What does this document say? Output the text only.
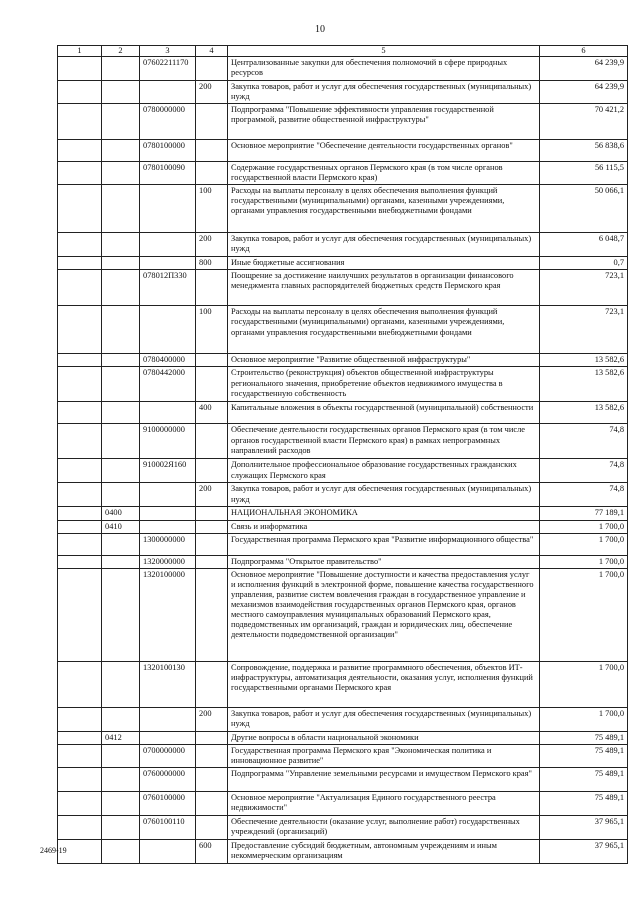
10
1	2	3	4	5	6
		07602211170		Централизованные закупки для обеспечения полномочий в сфере природных ресурсов	64 239,9
			200	Закупка товаров, работ и услуг для обеспечения государственных (муниципальных) нужд	64 239,9
		0780000000		Подпрограмма "Повышение эффективности управления государственной программой, развитие общественной инфраструктуры"	70 421,2
		0780100000		Основное мероприятие "Обеспечение деятельности государственных органов"	56 838,6
		0780100090		Содержание государственных органов Пермского края (в том числе органов государственной власти Пермского края)	56 115,5
			100	Расходы на выплаты персоналу в целях обеспечения выполнения функций государственными (муниципальными) органами, казенными учреждениями, органами управления государственными внебюджетными фондами	50 066,1
			200	Закупка товаров, работ и услуг для обеспечения государственных (муниципальных) нужд	6 048,7
			800	Иные бюджетные ассигнования	0,7
		078012П330		Поощрение за достижение наилучших результатов в организации финансового менеджмента главных распорядителей бюджетных средств Пермского края	723,1
			100	Расходы на выплаты персоналу в целях обеспечения выполнения функций государственными (муниципальными) органами, казенными учреждениями, органами управления государственными внебюджетными фондами	723,1
		0780400000		Основное мероприятие "Развитие общественной инфраструктуры"	13 582,6
		0780442000		Строительство (реконструкция) объектов общественной инфраструктуры регионального значения, приобретение объектов недвижимого имущества в государственную собственность	13 582,6
			400	Капитальные вложения в объекты государственной (муниципальной) собственности	13 582,6
		9100000000		Обеспечение деятельности государственных органов Пермского края (в том числе органов государственной власти Пермского края) в рамках непрограммных направлений расходов	74,8
		910002Я160		Дополнительное профессиональное образование государственных гражданских служащих Пермского края	74,8
			200	Закупка товаров, работ и услуг для обеспечения государственных (муниципальных) нужд	74,8
	0400			НАЦИОНАЛЬНАЯ ЭКОНОМИКА	77 189,1
	0410			Связь и информатика	1 700,0
		1300000000		Государственная программа Пермского края "Развитие информационного общества"	1 700,0
		1320000000		Подпрограмма "Открытое правительство"	1 700,0
		1320100000		Основное мероприятие "Повышение доступности и качества предоставления услуг и исполнения функций в электронной форме, повышение качества государственного управления, развитие систем вовлечения граждан в государственное управление и механизмов взаимодействия государственных органов Пермского края, органов местного самоуправления муниципальных образований Пермского края, подведомственных им организаций, граждан и юридических лиц, обеспечение деятельности подведомственной организации"	1 700,0
		1320100130		Сопровождение, поддержка и развитие программного обеспечения, объектов ИТ-инфраструктуры, автоматизация деятельности, оказания услуг, исполнения функций государственными органами Пермского края	1 700,0
			200	Закупка товаров, работ и услуг для обеспечения государственных (муниципальных) нужд	1 700,0
	0412			Другие вопросы в области национальной экономики	75 489,1
		0700000000		Государственная программа Пермского края "Экономическая политика и инновационное развитие"	75 489,1
		0760000000		Подпрограмма "Управление земельными ресурсами и имуществом Пермского края"	75 489,1
		0760100000		Основное мероприятие "Актуализация Единого государственного реестра недвижимости"	75 489,1
		0760100110		Обеспечение деятельности (оказание услуг, выполнение работ) государственных учреждений (организаций)	37 965,1
			600	Предоставление субсидий бюджетным, автономным учреждениям и иным некоммерческим организациям	37 965,1
2469-19
